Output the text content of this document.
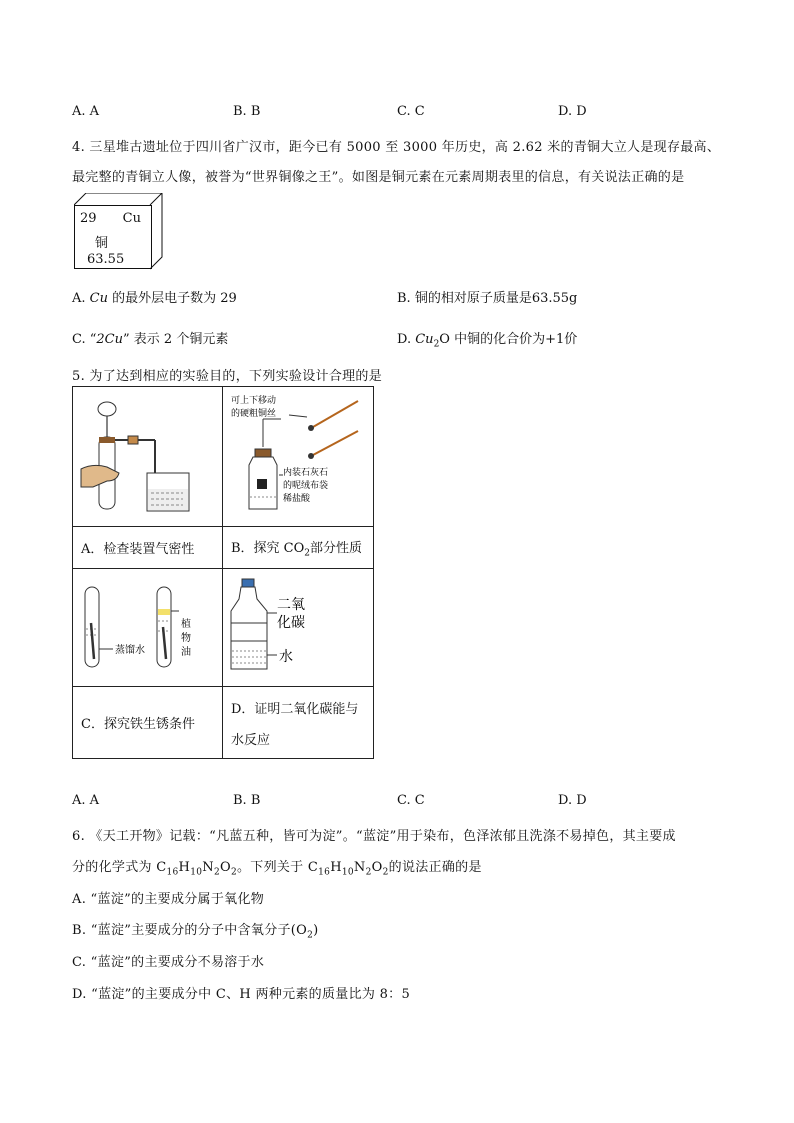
A. A	B. B	C. C	D. D
4. 三星堆古遗址位于四川省广汉市，距今已有 5000 至 3000 年历史，高 2.62 米的青铜大立人是现存最高、
最完整的青铜立人像，被誉为“世界铜像之王”。如图是铜元素在元素周期表里的信息，有关说法正确的是
29 Cu
铜
63.55
A. Cu 的最外层电子数为 29	B. 铜的相对原子质量是63.55g
C. “2Cu” 表示 2 个铜元素	D. $Cu_2O$ 中铜的化合价为+1价
5. 为了达到相应的实验目的，下列实验设计合理的是

可上下移动
的硬粗铜丝
内装石灰石
的呢绒布袋
稀盐酸

A．检查装置气密性	B．探究 $CO_2$部分性质

蒸馏水
植
物
油	二氧
化碳
水

C．探究铁生锈条件	D．证明二氧化碳能与
水反应
A. A	B. B	C. C	D. D
6. 《天工开物》记载：“凡蓝五种，皆可为淀”。“蓝淀”用于染布，色泽浓郁且洗涤不易掉色，其主要成
分的化学式为 $C_{16}H_{10}N_2O_2$。下列关于 $C_{16}H_{10}N_2O_2$的说法正确的是
A. “蓝淀”的主要成分属于氧化物
B. “蓝淀”主要成分的分子中含氧分子$(O_2)$
C. “蓝淀”的主要成分不易溶于水
D. “蓝淀”的主要成分中 C、H 两种元素的质量比为 8：5
